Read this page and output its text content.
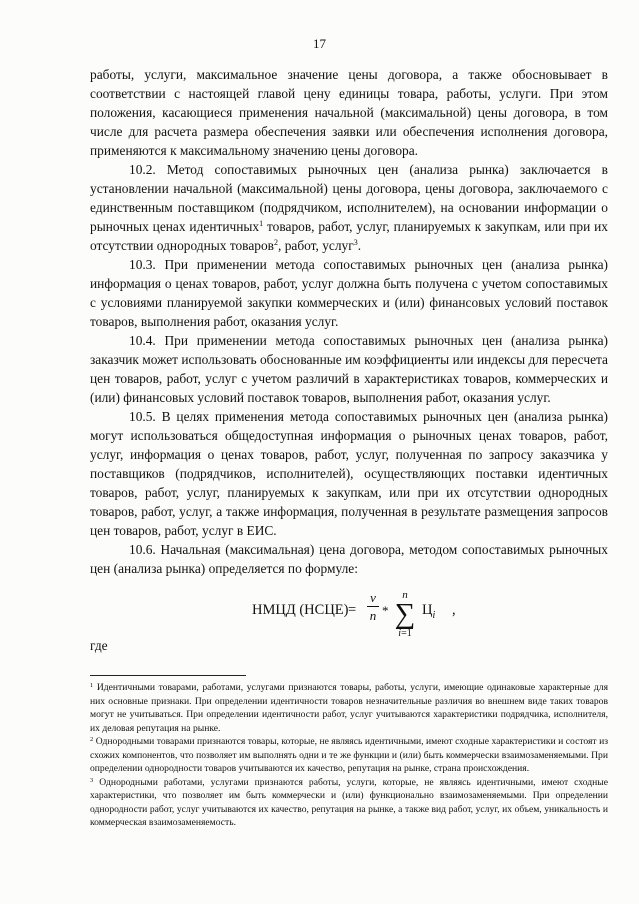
17

работы, услуги, максимальное значение цены договора, а также обосновывает в соответствии с настоящей главой цену единицы товара, работы, услуги. При этом положения, касающиеся применения начальной (максимальной) цены договора, в том числе для расчета размера обеспечения заявки или обеспечения исполнения договора, применяются к максимальному значению цены договора.

10.2. Метод сопоставимых рыночных цен (анализа рынка) заключается в установлении начальной (максимальной) цены договора, цены договора, заключаемого с единственным поставщиком (подрядчиком, исполнителем), на основании информации о рыночных ценах идентичных$^1$ товаров, работ, услуг, планируемых к закупкам, или при их отсутствии однородных товаров$^2$, работ, услуг$^3$.

10.3. При применении метода сопоставимых рыночных цен (анализа рынка) информация о ценах товаров, работ, услуг должна быть получена с учетом сопоставимых с условиями планируемой закупки коммерческих и (или) финансовых условий поставок товаров, выполнения работ, оказания услуг.

10.4. При применении метода сопоставимых рыночных цен (анализа рынка) заказчик может использовать обоснованные им коэффициенты или индексы для пересчета цен товаров, работ, услуг с учетом различий в характеристиках товаров, коммерческих и (или) финансовых условий поставок товаров, выполнения работ, оказания услуг.

10.5. В целях применения метода сопоставимых рыночных цен (анализа рынка) могут использоваться общедоступная информация о рыночных ценах товаров, работ, услуг, информация о ценах товаров, работ, услуг, полученная по запросу заказчика у поставщиков (подрядчиков, исполнителей), осуществляющих поставки идентичных товаров, работ, услуг, планируемых к закупкам, или при их отсутствии однородных товаров, работ, услуг, а также информация, полученная в результате размещения запросов цен товаров, работ, услуг в ЕИС.

10.6. Начальная (максимальная) цена договора, методом сопоставимых рыночных цен (анализа рынка) определяется по формуле:

НМЦД (НСЦЕ) =
v
n *
n
∑
i=1
$Ц_i$ ,
где

$^1$ Идентичными товарами, работами, услугами признаются товары, работы, услуги, имеющие одинаковые характерные для них основные признаки. При определении идентичности товаров незначительные различия во внешнем виде таких товаров могут не учитываться. При определении идентичности работ, услуг учитываются характеристики подрядчика, исполнителя, их деловая репутация на рынке.

$^2$ Однородными товарами признаются товары, которые, не являясь идентичными, имеют сходные характеристики и состоят из схожих компонентов, что позволяет им выполнять одни и те же функции и (или) быть коммерчески взаимозаменяемыми. При определении однородности товаров учитываются их качество, репутация на рынке, страна происхождения.

$^3$ Однородными работами, услугами признаются работы, услуги, которые, не являясь идентичными, имеют сходные характеристики, что позволяет им быть коммерчески и (или) функционально взаимозаменяемыми. При определении однородности работ, услуг учитываются их качество, репутация на рынке, а также вид работ, услуг, их объем, уникальность и коммерческая взаимозаменяемость.
